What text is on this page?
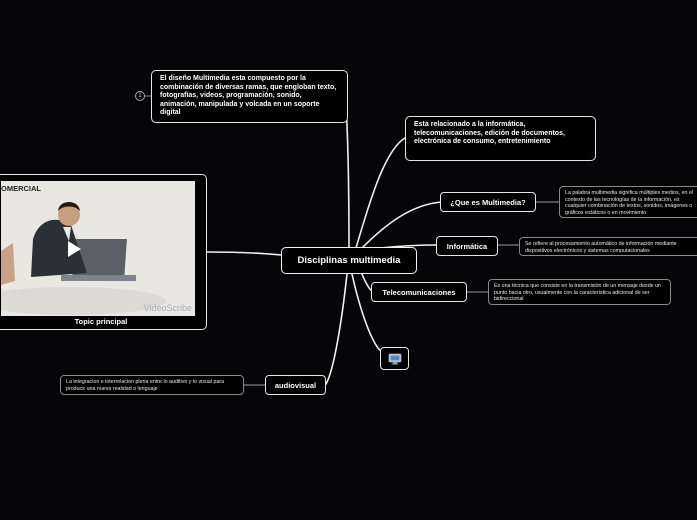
OMERCIAL
VideoScribe
Topic principal
1
El diseño Multimedia esta compuesto por la combinación de diversas ramas, que engloban texto, fotografías, videos, programación, sonido, animación, manipulada y volcada en un soporte digital
Esta relacionado a la informática, telecomunicaciones, edición de documentos, electrónica de consumo, entretenimiento
Disciplinas multimedia
¿Que es Multimedia?
La palabra multimedia significa múltiples medios, en el contexto de las tecnologías de la información, es cualquier combinación de textos, sonidos, imágenes o gráficos estáticos o en movimiento
Informática	Se refiere al procesamiento automático de información mediante dispositivos electrónicos y sistemas computacionales
Telecomunicaciones
Es una técnica que consiste en la transmisión de un mensaje desde un punto hacia otro, usualmente con la característica adicional de ser bidireccional
audiovisual
La integracion e interrelacion plena entre lo auditivo y lo visual para producir una nueva realidad o lenguaje
